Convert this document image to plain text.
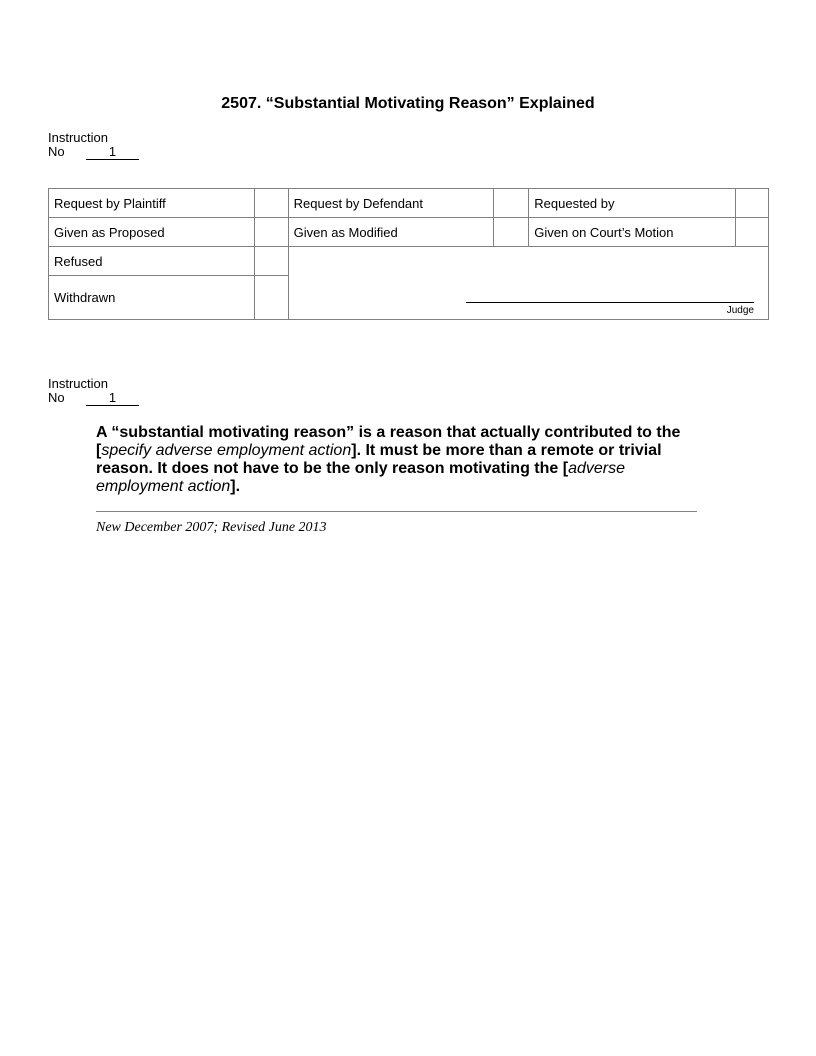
2507. “Substantial Motivating Reason” Explained
Instruction
No	1
Request by Plaintiff		Request by Defendant		Requested by	
Given as Proposed		Given as Modified		Given on Court’s Motion	
Refused		Judge			

Withdrawn					
Instruction
No	1
A “substantial motivating reason” is a reason that actually contributed to the [specify adverse employment action]. It must be more than a remote or trivial reason. It does not have to be the only reason motivating the [adverse employment action].
New December 2007; Revised June 2013
